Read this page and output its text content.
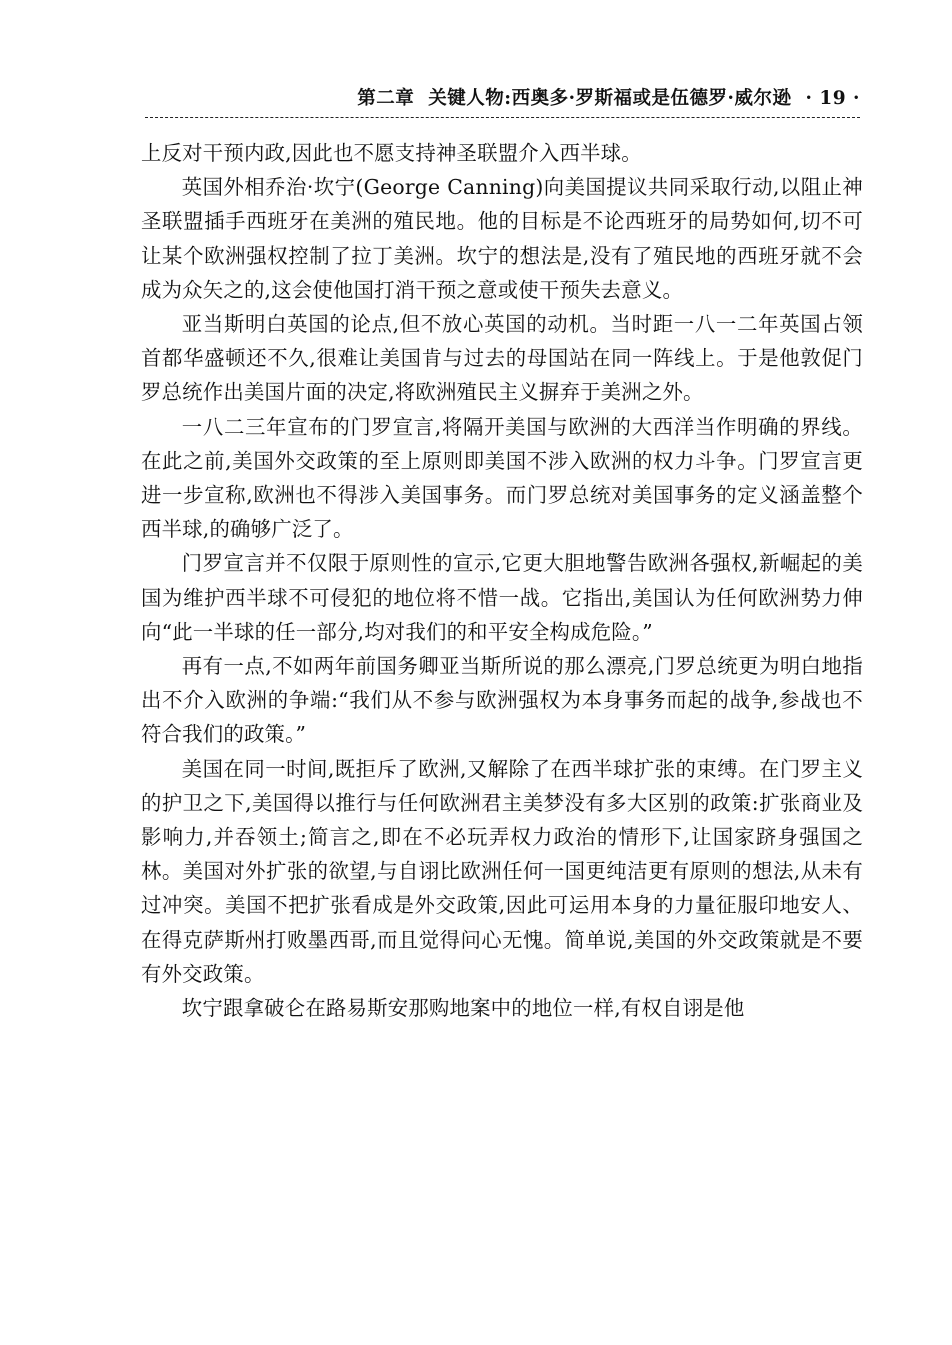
第二章 关键人物:西奥多·罗斯福或是伍德罗·威尔逊 · 19 ·

上反对干预内政,因此也不愿支持神圣联盟介入西半球。

英国外相乔治·坎宁(George Canning)向美国提议共同采取行动,以阻止神圣联盟插手西班牙在美洲的殖民地。他的目标是不论西班牙的局势如何,切不可让某个欧洲强权控制了拉丁美洲。坎宁的想法是,没有了殖民地的西班牙就不会成为众矢之的,这会使他国打消干预之意或使干预失去意义。

亚当斯明白英国的论点,但不放心英国的动机。当时距一八一二年英国占领首都华盛顿还不久,很难让美国肯与过去的母国站在同一阵线上。于是他敦促门罗总统作出美国片面的决定,将欧洲殖民主义摒弃于美洲之外。

一八二三年宣布的门罗宣言,将隔开美国与欧洲的大西洋当作明确的界线。在此之前,美国外交政策的至上原则即美国不涉入欧洲的权力斗争。门罗宣言更进一步宣称,欧洲也不得涉入美国事务。而门罗总统对美国事务的定义涵盖整个西半球,的确够广泛了。

门罗宣言并不仅限于原则性的宣示,它更大胆地警告欧洲各强权,新崛起的美国为维护西半球不可侵犯的地位将不惜一战。它指出,美国认为任何欧洲势力伸向“此一半球的任一部分,均对我们的和平安全构成危险。”

再有一点,不如两年前国务卿亚当斯所说的那么漂亮,门罗总统更为明白地指出不介入欧洲的争端:“我们从不参与欧洲强权为本身事务而起的战争,参战也不符合我们的政策。”

美国在同一时间,既拒斥了欧洲,又解除了在西半球扩张的束缚。在门罗主义的护卫之下,美国得以推行与任何欧洲君主美梦没有多大区别的政策:扩张商业及影响力,并吞领土;简言之,即在不必玩弄权力政治的情形下,让国家跻身强国之林。美国对外扩张的欲望,与自诩比欧洲任何一国更纯洁更有原则的想法,从未有过冲突。美国不把扩张看成是外交政策,因此可运用本身的力量征服印地安人、在得克萨斯州打败墨西哥,而且觉得问心无愧。简单说,美国的外交政策就是不要有外交政策。

坎宁跟拿破仑在路易斯安那购地案中的地位一样,有权自诩是他
